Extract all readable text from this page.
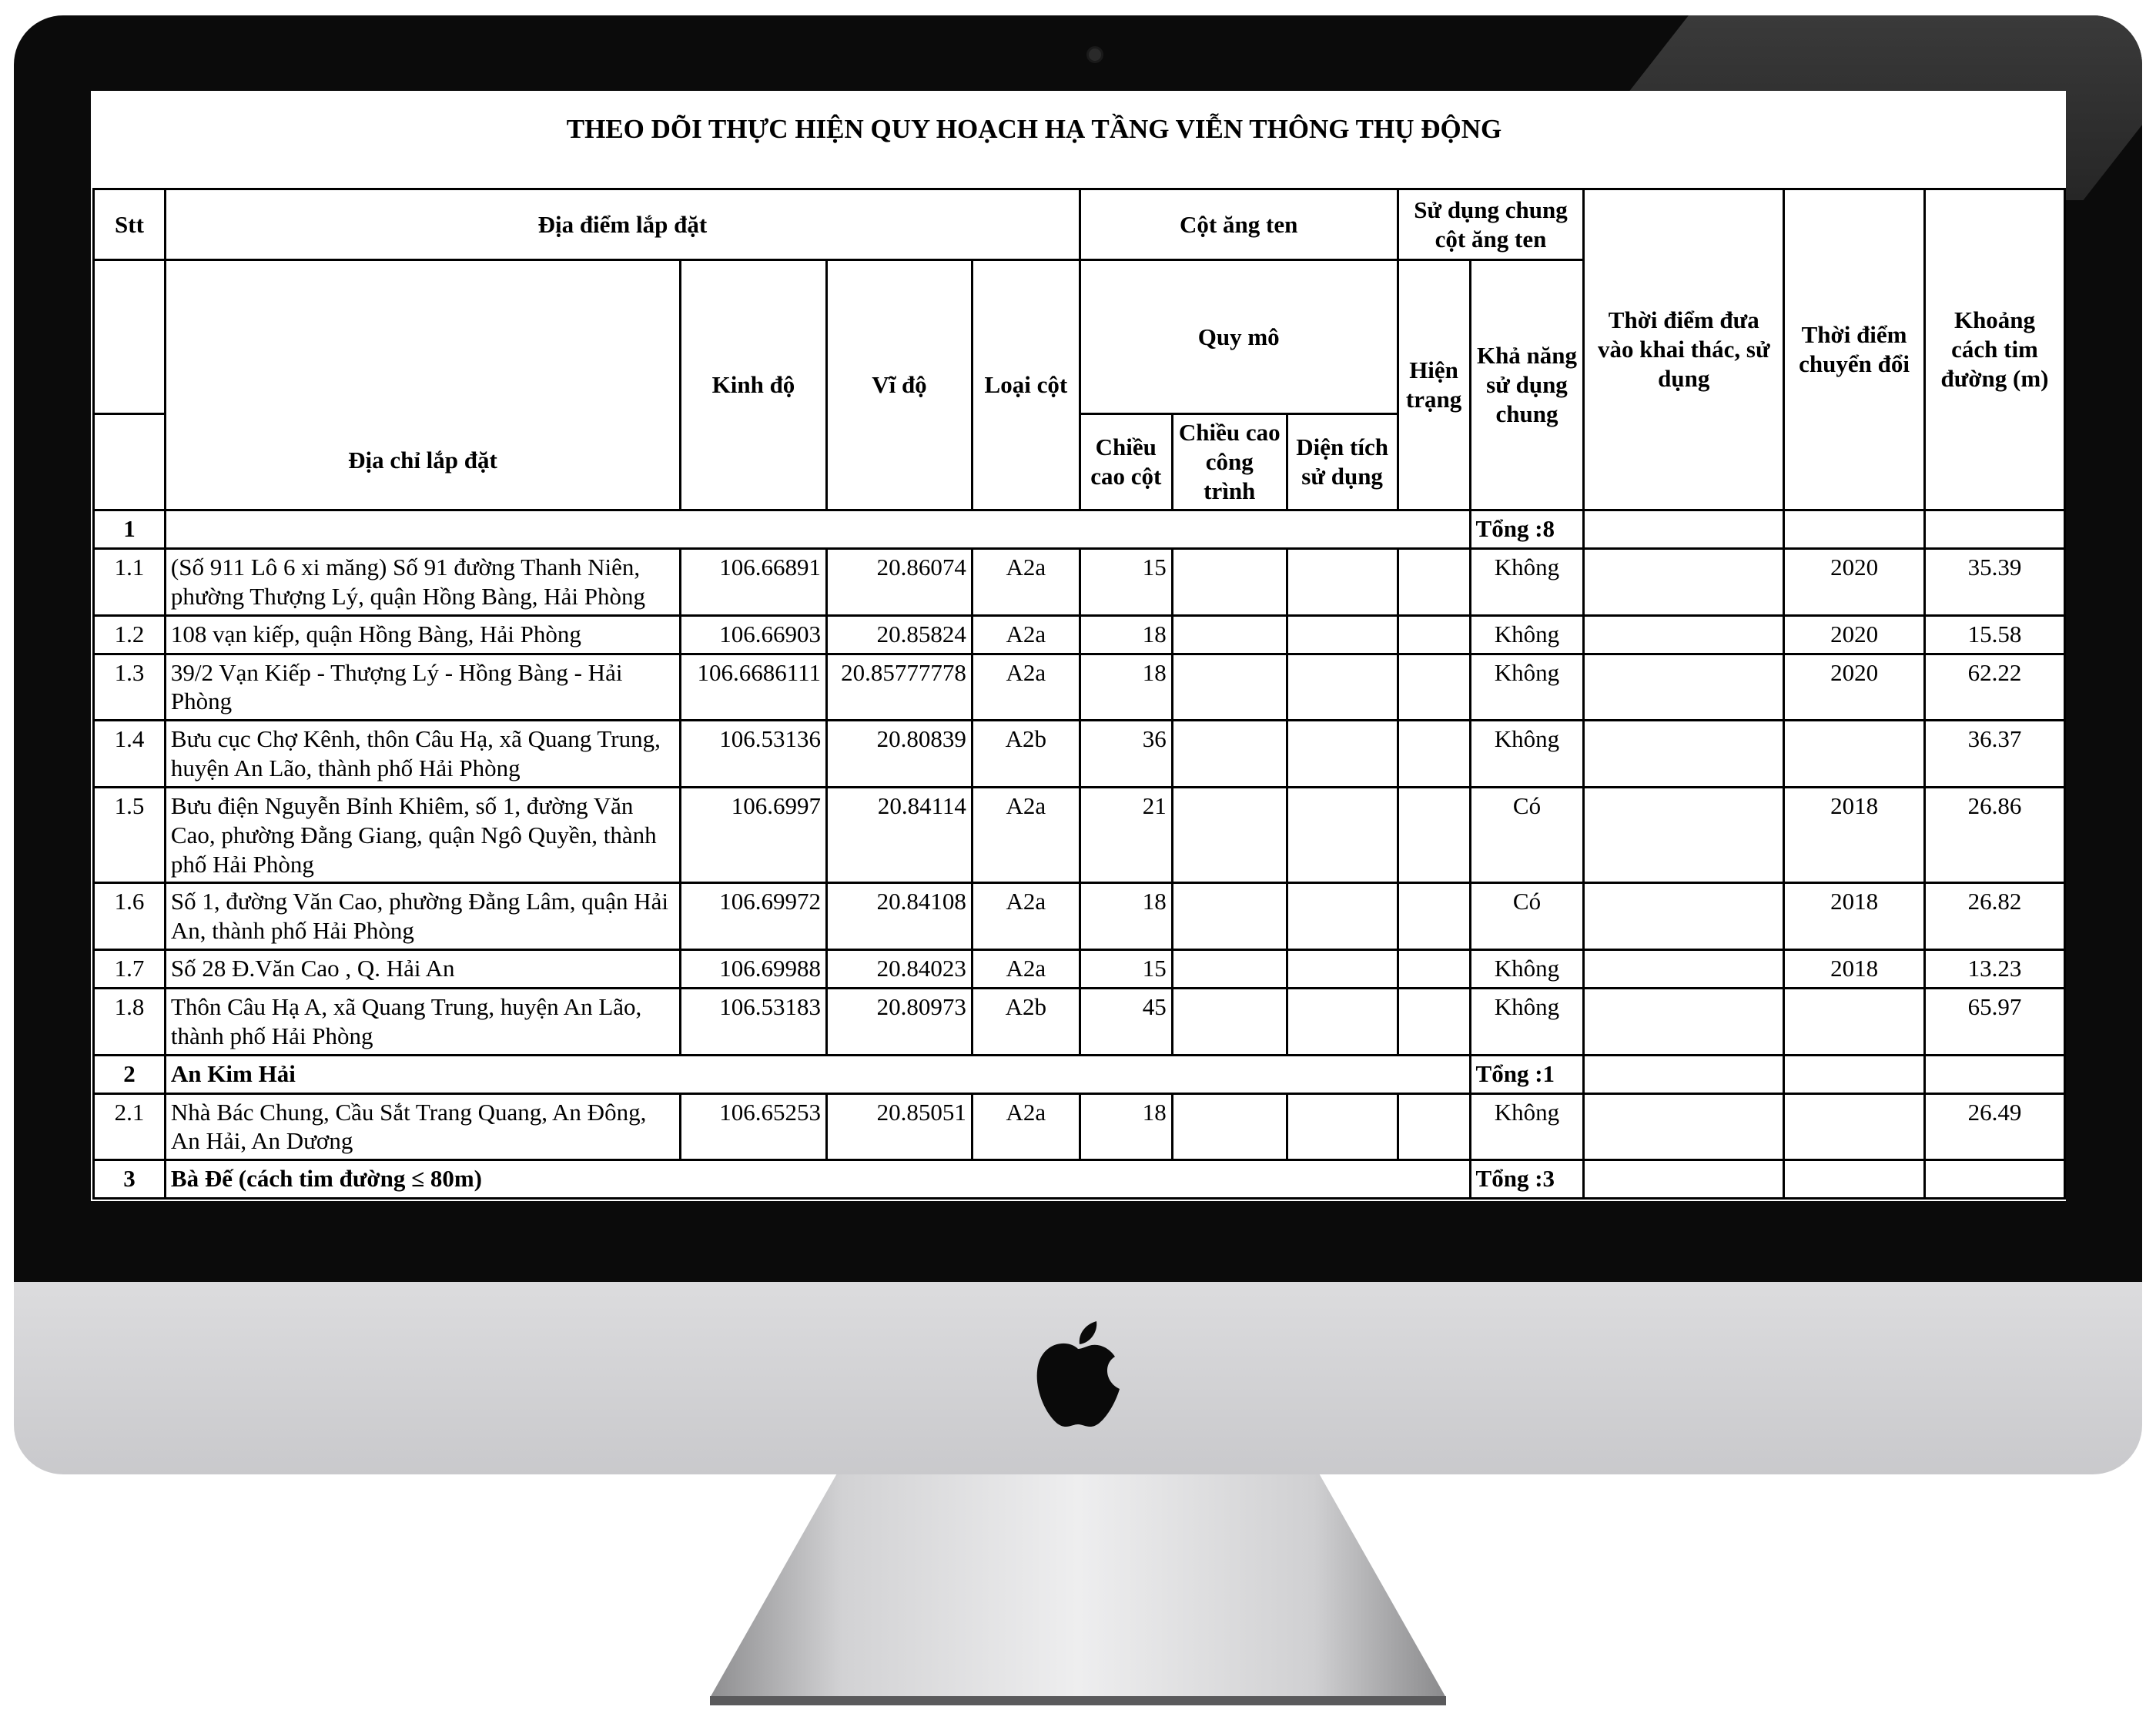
THEO DÕI THỰC HIỆN QUY HOẠCH HẠ TẦNG VIỄN THÔNG THỤ ĐỘNG
Stt	Địa điểm lắp đặt				Cột ăng ten			Sử dụng chung cột ăng ten		Thời điểm đưa vào khai thác, sử dụng	Thời điểm chuyển đổi	Khoảng cách tim đường (m)
	Địa chỉ lắp đặt	Kinh độ	Vĩ độ	Loại cột	Quy mô			Hiện trạng	Khả năng sử dụng chung			
					Chiều cao cột	Chiều cao công trình	Diện tích sử dụng					
1									Tổng :8			
1.1	(Số 911 Lô 6 xi măng) Số 91 đường Thanh Niên, phường Thượng Lý, quận Hồng Bàng, Hải Phòng	106.66891	20.86074	A2a	15				Không		2020	35.39
1.2	108 vạn kiếp, quận Hồng Bàng, Hải Phòng	106.66903	20.85824	A2a	18				Không		2020	15.58
1.3	39/2 Vạn Kiếp - Thượng Lý - Hồng Bàng - Hải Phòng	106.6686111	20.85777778	A2a	18				Không		2020	62.22
1.4	Bưu cục Chợ Kênh, thôn Câu Hạ, xã Quang Trung, huyện An Lão, thành phố Hải Phòng	106.53136	20.80839	A2b	36				Không			36.37
1.5	Bưu điện Nguyễn Bỉnh Khiêm, số 1, đường Văn Cao, phường Đằng Giang, quận Ngô Quyền, thành phố Hải Phòng	106.6997	20.84114	A2a	21				Có		2018	26.86
1.6	Số 1, đường Văn Cao, phường Đằng Lâm, quận Hải An, thành phố Hải Phòng	106.69972	20.84108	A2a	18				Có		2018	26.82
1.7	Số 28 Đ.Văn Cao , Q. Hải An	106.69988	20.84023	A2a	15				Không		2018	13.23
1.8	Thôn Câu Hạ A, xã Quang Trung, huyện An Lão, thành phố Hải Phòng	106.53183	20.80973	A2b	45				Không			65.97
2	An Kim Hải								Tổng :1			
2.1	Nhà Bác Chung, Cầu Sắt Trang Quang, An Đông, An Hải, An Dương	106.65253	20.85051	A2a	18				Không			26.49
3	Bà Đế (cách tim đường ≤ 80m)								Tổng :3			
